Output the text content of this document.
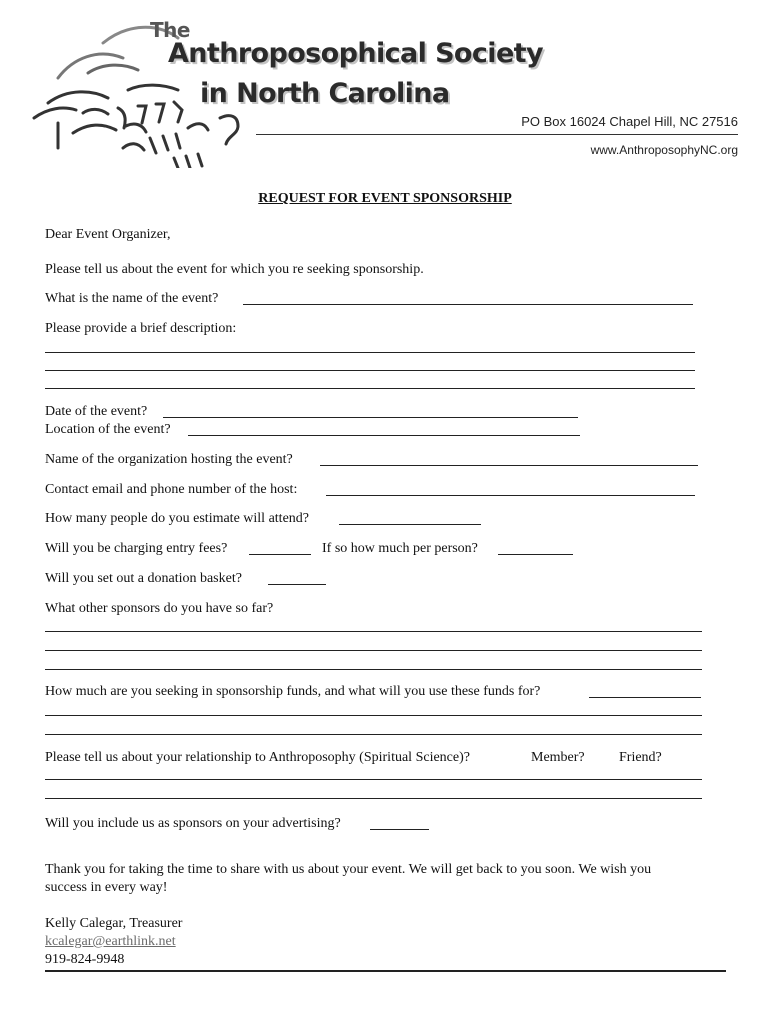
The
Anthroposophical Society
in North Carolina
PO Box 16024 Chapel Hill, NC 27516
www.AnthroposophyNC.org
REQUEST FOR EVENT SPONSORSHIP
Dear Event Organizer,
Please tell us about the event for which you re seeking sponsorship.
What is the name of the event?
Please provide a brief description:
Date of the event?
Location of the event?
Name of the organization hosting the event?
Contact email and phone number of the host:
How many people do you estimate will attend?
Will you be charging entry fees?	If so how much per person?
Will you set out a donation basket?
What other sponsors do you have so far?
How much are you seeking in sponsorship funds, and what will you use these funds for?
Please tell us about your relationship to Anthroposophy (Spiritual Science)?	Member? Friend?
Will you include us as sponsors on your advertising?
Thank you for taking the time to share with us about your event. We will get back to you soon. We wish you
success in every way!
Kelly Calegar, Treasurer
kcalegar@earthlink.net
919-824-9948
